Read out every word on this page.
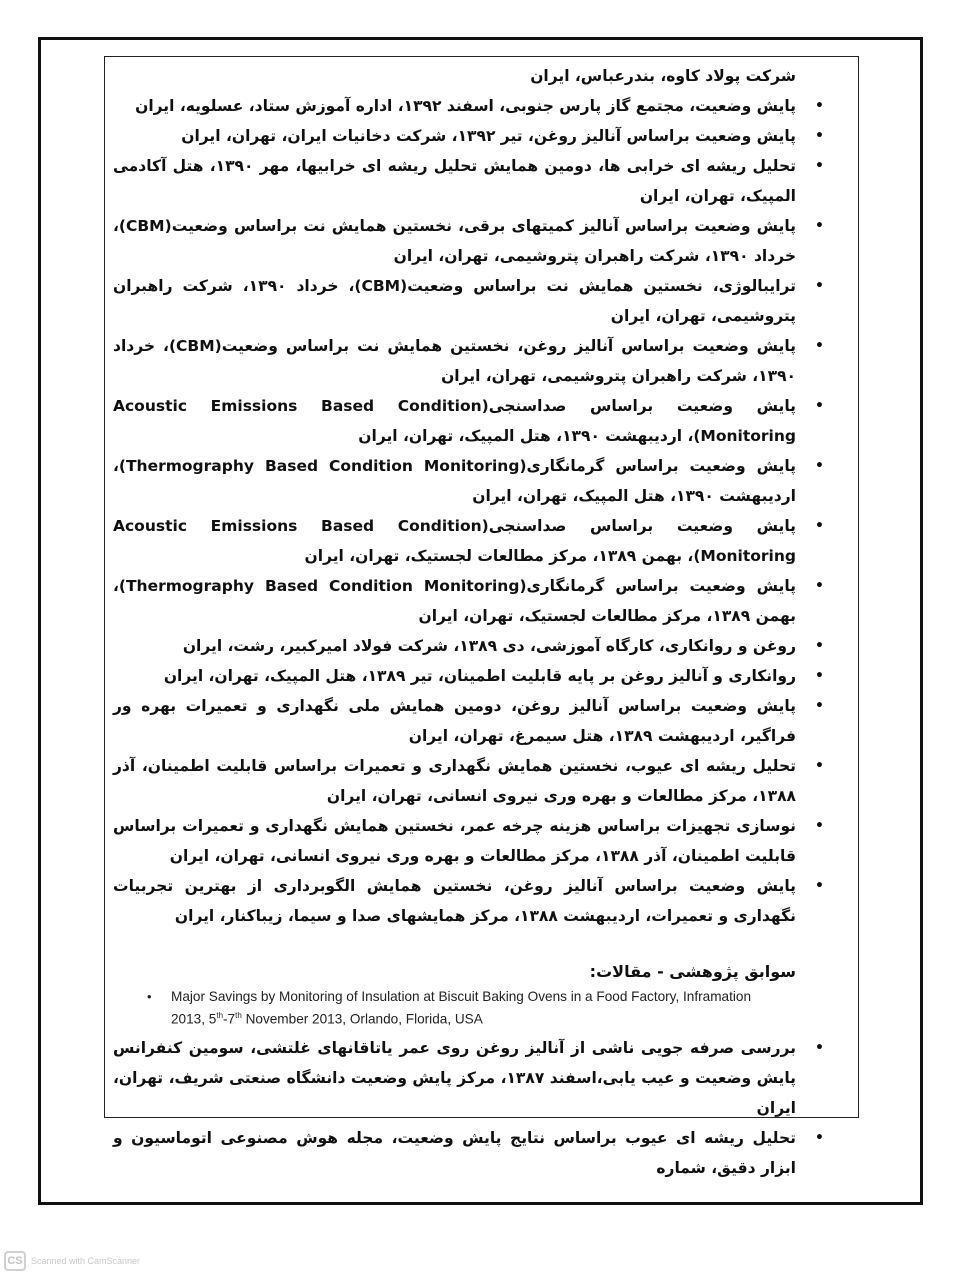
شرکت پولاد کاوه، بندرعباس، ایران

•
پایش وضعیت، مجتمع گاز پارس جنوبی، اسفند ۱۳۹۲، اداره آموزش ستاد، عسلویه، ایران
•
پایش وضعیت براساس آنالیز روغن، تیر ۱۳۹۲، شرکت دخانیات ایران، تهران، ایران
•
تحلیل ریشه ای خرابی ها، دومین همایش تحلیل ریشه ای خرابیها، مهر ۱۳۹۰، هتل آکادمی المپیک، تهران، ایران
•
پایش وضعیت براساس آنالیز کمیتهای برقی، نخستین همایش نت براساس وضعیت(CBM)، خرداد ۱۳۹۰، شرکت راهبران پتروشیمی، تهران، ایران
•
ترایبالوژی، نخستین همایش نت براساس وضعیت(CBM)، خرداد ۱۳۹۰، شرکت راهبران پتروشیمی، تهران، ایران
•
پایش وضعیت براساس آنالیز روغن، نخستین همایش نت براساس وضعیت(CBM)، خرداد ۱۳۹۰، شرکت راهبران پتروشیمی، تهران، ایران
•
پایش وضعیت براساس صداسنجی(Acoustic Emissions Based Condition Monitoring)، اردیبهشت ۱۳۹۰، هتل المپیک، تهران، ایران
•
پایش وضعیت براساس گرمانگاری(Thermography Based Condition Monitoring)، اردیبهشت ۱۳۹۰، هتل المپیک، تهران، ایران
•
پایش وضعیت براساس صداسنجی(Acoustic Emissions Based Condition Monitoring)، بهمن ۱۳۸۹، مرکز مطالعات لجستیک، تهران، ایران
•
پایش وضعیت براساس گرمانگاری(Thermography Based Condition Monitoring)، بهمن ۱۳۸۹، مرکز مطالعات لجستیک، تهران، ایران
•
روغن و روانکاری، کارگاه آموزشی، دی ۱۳۸۹، شرکت فولاد امیرکبیر، رشت، ایران
•
روانکاری و آنالیز روغن بر پایه قابلیت اطمینان، تیر ۱۳۸۹، هتل المپیک، تهران، ایران
•
پایش وضعیت براساس آنالیز روغن، دومین همایش ملی نگهداری و تعمیرات بهره ور فراگیر، اردیبهشت ۱۳۸۹، هتل سیمرغ، تهران، ایران
•
تحلیل ریشه ای عیوب، نخستین همایش نگهداری و تعمیرات براساس قابلیت اطمینان، آذر ۱۳۸۸، مرکز مطالعات و بهره وری نیروی انسانی، تهران، ایران
•
نوسازی تجهیزات براساس هزینه چرخه عمر، نخستین همایش نگهداری و تعمیرات براساس قابلیت اطمینان، آذر ۱۳۸۸، مرکز مطالعات و بهره وری نیروی انسانی، تهران، ایران
•
پایش وضعیت براساس آنالیز روغن، نخستین همایش الگوبرداری از بهترین تجربیات نگهداری و تعمیرات، اردیبهشت ۱۳۸۸، مرکز همایشهای صدا و سیما، زیباکنار، ایران

سوابق پژوهشی - مقالات:

• Major Savings by Monitoring of Insulation at Biscuit Baking Ovens in a Food Factory, Inframation
2013, 5th-7th November 2013, Orlando, Florida, USA
•
بررسی صرفه جویی ناشی از آنالیز روغن روی عمر یاتاقانهای غلتشی، سومین کنفرانس پایش وضعیت و عیب یابی،اسفند ۱۳۸۷، مرکز پایش وضعیت دانشگاه صنعتی شریف، تهران، ایران
•
تحلیل ریشه ای عیوب براساس نتایج پایش وضعیت، مجله هوش مصنوعی اتوماسیون و ابزار دقیق، شماره
CS Scanned with CamScanner
